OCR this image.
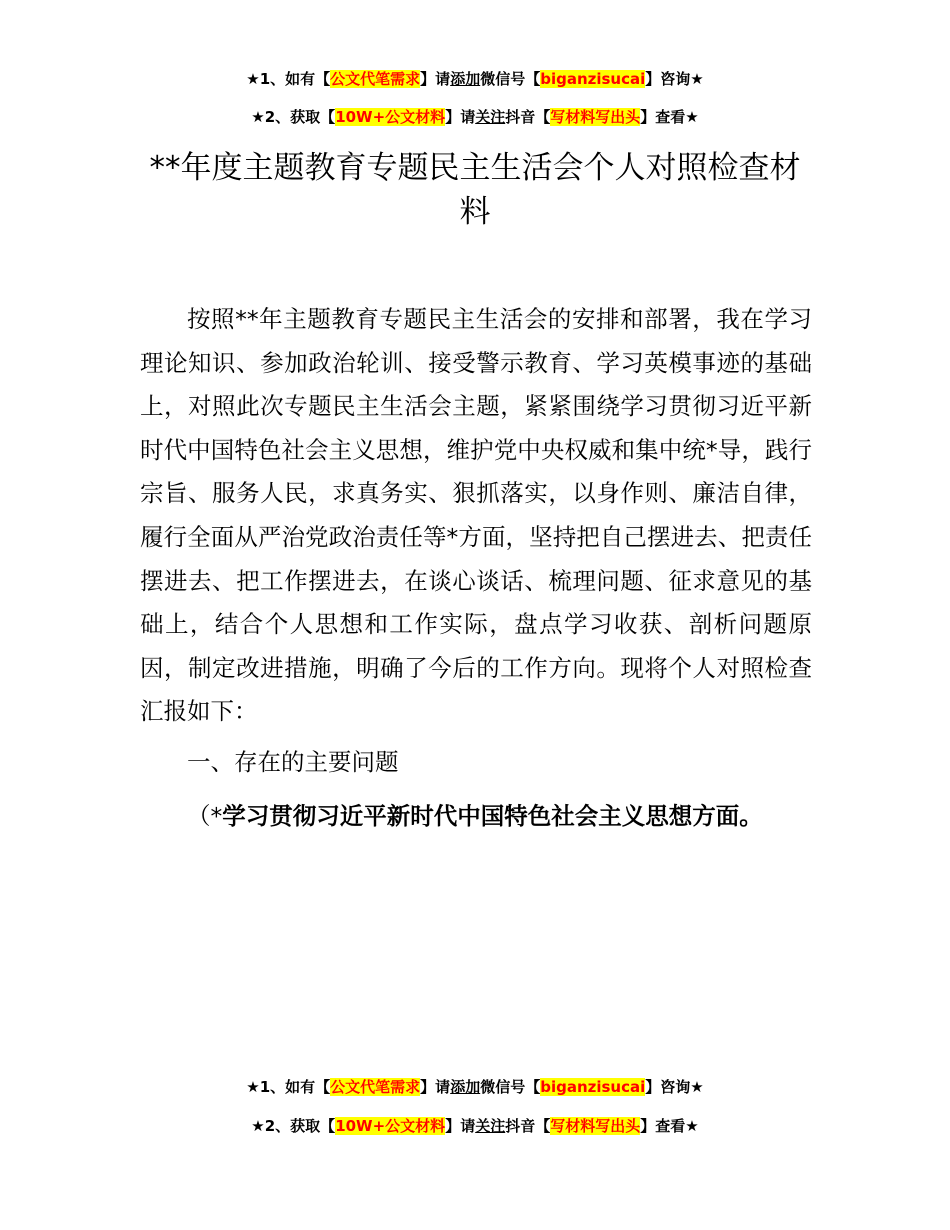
★1、如有【公文代笔需求】请添加微信号【biganzisucai】咨询★
★2、获取【10W+公文材料】请关注抖音【写材料写出头】查看★
**年度主题教育专题民主生活会个人对照检查材料

按照**年主题教育专题民主生活会的安排和部署，我在学习理论知识、参加政治轮训、接受警示教育、学习英模事迹的基础上，对照此次专题民主生活会主题，紧紧围绕学习贯彻习近平新时代中国特色社会主义思想，维护党中央权威和集中统*导，践行宗旨、服务人民，求真务实、狠抓落实，以身作则、廉洁自律，履行全面从严治党政治责任等*方面，坚持把自己摆进去、把责任摆进去、把工作摆进去，在谈心谈话、梳理问题、征求意见的基础上，结合个人思想和工作实际，盘点学习收获、剖析问题原因，制定改进措施，明确了今后的工作方向。现将个人对照检查汇报如下：

一、存在的主要问题

（*学习贯彻习近平新时代中国特色社会主义思想方面。

★1、如有【公文代笔需求】请添加微信号【biganzisucai】咨询★
★2、获取【10W+公文材料】请关注抖音【写材料写出头】查看★
